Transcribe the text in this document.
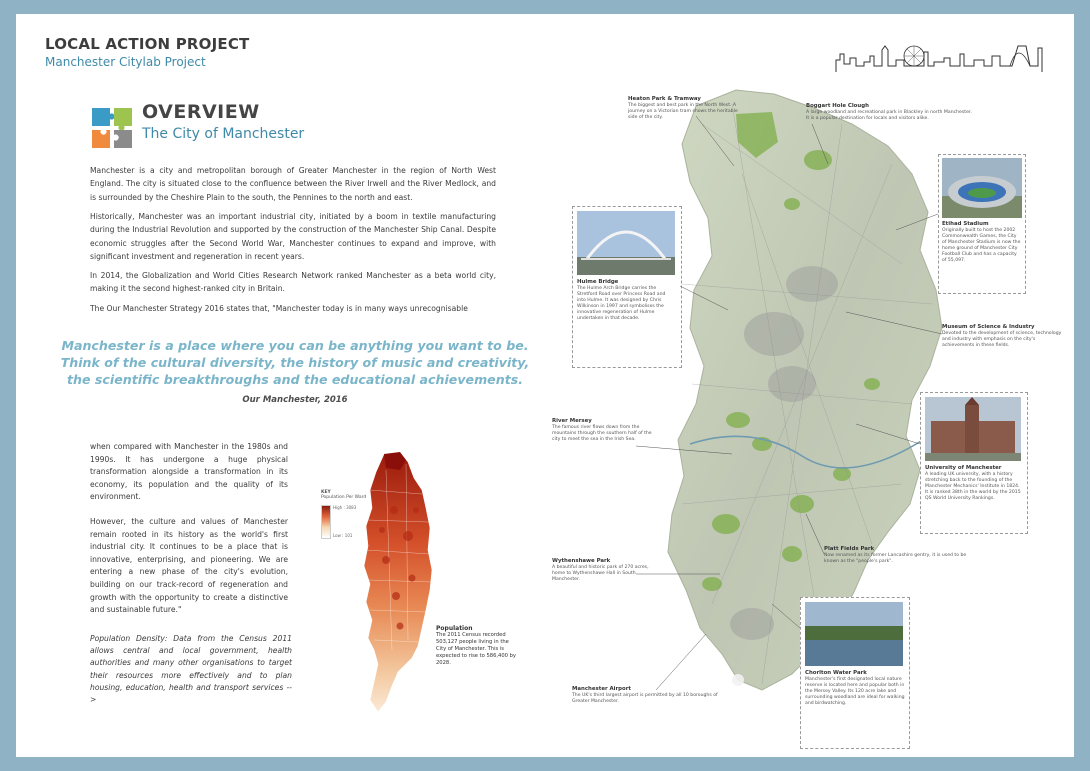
LOCAL ACTION PROJECT
Manchester Citylab Project
OVERVIEW
The City of Manchester

Manchester is a city and metropolitan borough of Greater Manchester in the region of North West England. The city is situated close to the confluence between the River Irwell and the River Medlock, and is surrounded by the Cheshire Plain to the south, the Pennines to the north and east.

Historically, Manchester was an important industrial city, initiated by a boom in textile manufacturing during the Industrial Revolution and supported by the construction of the Manchester Ship Canal. Despite economic struggles after the Second World War, Manchester continues to expand and improve, with significant investment and regeneration in recent years.

In 2014, the Globalization and World Cities Research Network ranked Manchester as a beta world city, making it the second highest-ranked city in Britain.

The Our Manchester Strategy 2016 states that, "Manchester today is in many ways unrecognisable

Manchester is a place where you can be anything you want to be. Think of the cultural diversity, the history of music and creativity, the scientific breakthroughs and the educational achievements.
Our Manchester, 2016

when compared with Manchester in the 1980s and 1990s. It has undergone a huge physical transformation alongside a transformation in its economy, its population and the quality of its environment.

However, the culture and values of Manchester remain rooted in its history as the world's first industrial city. It continues to be a place that is innovative, enterprising, and pioneering. We are entering a new phase of the city's evolution, building on our track-record of regeneration and growth with the opportunity to create a distinctive and sustainable future."

Population Density: Data from the Census 2011 allows central and local government, health authorities and many other organisations to target their resources more effectively and to plan housing, education, health and transport services -->

KEY
Population Per Ward
High : 3083
Low : 101
Population
The 2011 Census recorded 503,127 people living in the City of Manchester. This is expected to rise to 586,400 by 2028.
Heaton Park & Tramway
The biggest and best park in the North West. A journey on a Victorian tram shows the heritable side of the city.
Boggart Hole Clough
A large woodland and recreational park in Blackley in north Manchester. It is a popular destination for locals and visitors alike.
Etihad Stadium
Originally built to host the 2002 Commonwealth Games, the City of Manchester Stadium is now the home ground of Manchester City Football Club and has a capacity of 55,097.
Hulme Bridge
The Hulme Arch Bridge carries the Stretford Road over Princess Road and into Hulme. It was designed by Chris Wilkinson in 1997 and symbolises the innovative regeneration of Hulme undertaken in that decade.
Museum of Science & Industry
Devoted to the development of science, technology and industry with emphasis on the city's achievements in these fields.
River Mersey
The famous river flows down from the mountains through the southern half of the city to meet the sea in the Irish Sea.
University of Manchester
A leading UK university, with a history stretching back to the founding of the Manchester Mechanics' Institute in 1824. It is ranked 38th in the world by the 2015 QS World University Rankings.
Platt Fields Park
Now renamed as its former Lancashire gentry, it is used to be known as the "people's park".
Wythenshawe Park
A beautiful and historic park of 270 acres, home to Wythenshawe Hall in South Manchester.
Manchester Airport
The UK's third largest airport is permitted by all 10 boroughs of Greater Manchester.
Chorlton Water Park
Manchester's first designated local nature reserve is located here and popular both in the Mersey Valley. Its 120 acre lake and surrounding woodland are ideal for walking and birdwatching.
